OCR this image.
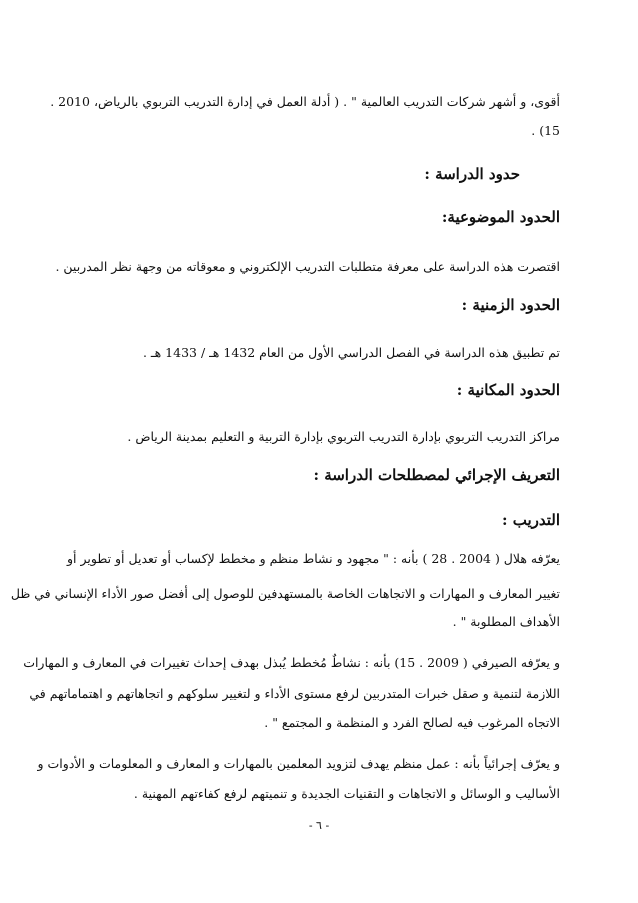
أقوى، و أشهر شركات التدريب العالمية " . ( أدلة العمل في إدارة التدريب التربوي بالرياض، 2010 .
15) .
حدود الدراسة :
الحدود الموضوعية:
اقتصرت هذه الدراسة على معرفة متطلبات التدريب الإلكتروني و معوقاته من وجهة نظر المدربين .
الحدود الزمنية :
تم تطبيق هذه الدراسة في الفصل الدراسي الأول من العام 1432 هـ / 1433 هـ .
الحدود المكانية :
مراكز التدريب التربوي بإدارة التدريب التربوي بإدارة التربية و التعليم بمدينة الرياض .
التعريف الإجرائي لمصطلحات الدراسة :
التدريب :
يعرّفه هلال ( 2004 . 28 ) بأنه : " مجهود و نشاط منظم و مخطط لإكساب أو تعديل أو تطوير أو
تغيير المعارف و المهارات و الاتجاهات الخاصة بالمستهدفين للوصول إلى أفضل صور الأداء الإنساني في ظل
الأهداف المطلوبة " .
و يعرّفه الصيرفي ( 2009 . 15) بأنه : نشاطٌ مُخطط يُبذل بهدف إحداث تغييرات في المعارف و المهارات
اللازمة لتنمية و صقل خبرات المتدربين لرفع مستوى الأداء و لتغيير سلوكهم و اتجاهاتهم و اهتماماتهم في
الاتجاه المرغوب فيه لصالح الفرد و المنظمة و المجتمع " .
و يعرّف إجرائياً بأنه : عمل منظم يهدف لتزويد المعلمين بالمهارات و المعارف و المعلومات و الأدوات و
الأساليب و الوسائل و الاتجاهات و التقنيات الجديدة و تنميتهم لرفع كفاءتهم المهنية .
- ٦ -
